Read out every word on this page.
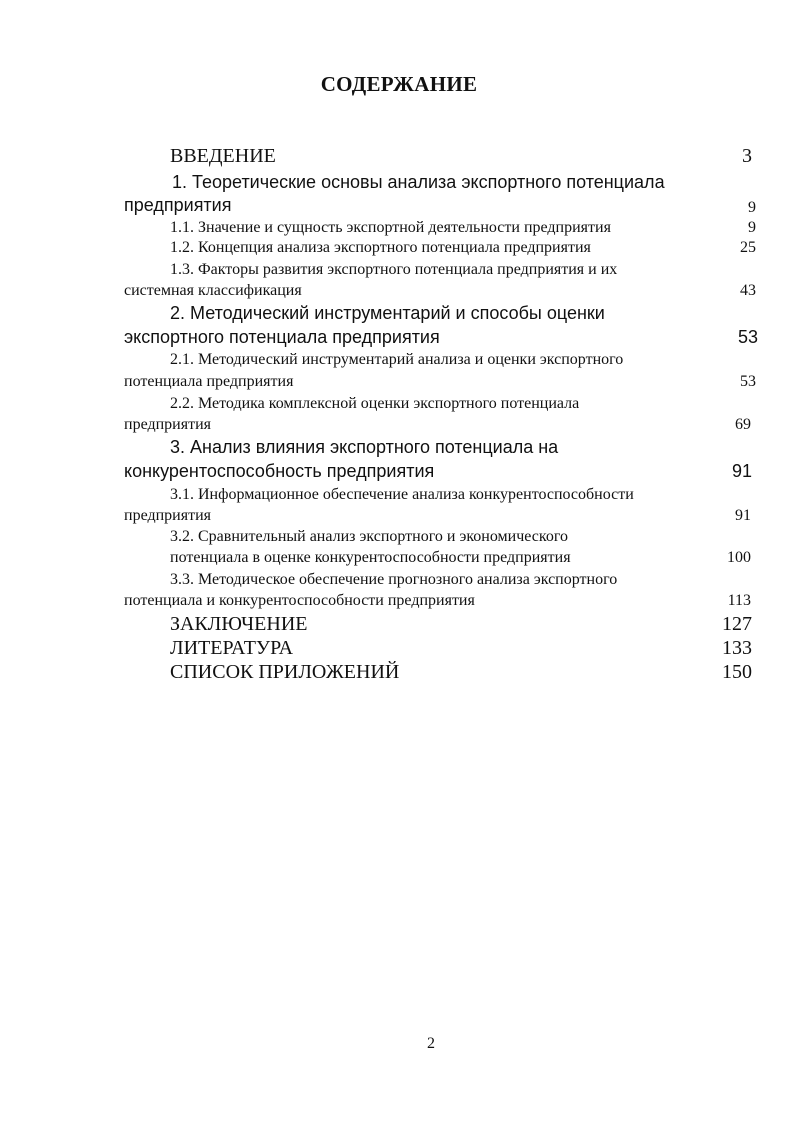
СОДЕРЖАНИЕ
ВВЕДЕНИЕ	3
1. Теоретические основы анализа экспортного потенциала
предприятия	9
1.1. Значение и сущность экспортной деятельности предприятия	9
1.2. Концепция анализа экспортного потенциала предприятия	25
1.3. Факторы развития экспортного потенциала предприятия и их
системная классификация	43
2. Методический инструментарий и способы оценки
экспортного потенциала предприятия	53
2.1. Методический инструментарий анализа и оценки экспортного
потенциала предприятия	53
2.2. Методика комплексной оценки экспортного потенциала
предприятия	69
3. Анализ влияния экспортного потенциала на
конкурентоспособность предприятия	91
3.1. Информационное обеспечение анализа конкурентоспособности
предприятия	91
3.2. Сравнительный анализ экспортного и экономического
потенциала в оценке конкурентоспособности предприятия	100
3.3. Методическое обеспечение прогнозного анализа экспортного
потенциала и конкурентоспособности предприятия	113
ЗАКЛЮЧЕНИЕ	127
ЛИТЕРАТУРА	133
СПИСОК ПРИЛОЖЕНИЙ	150
2
